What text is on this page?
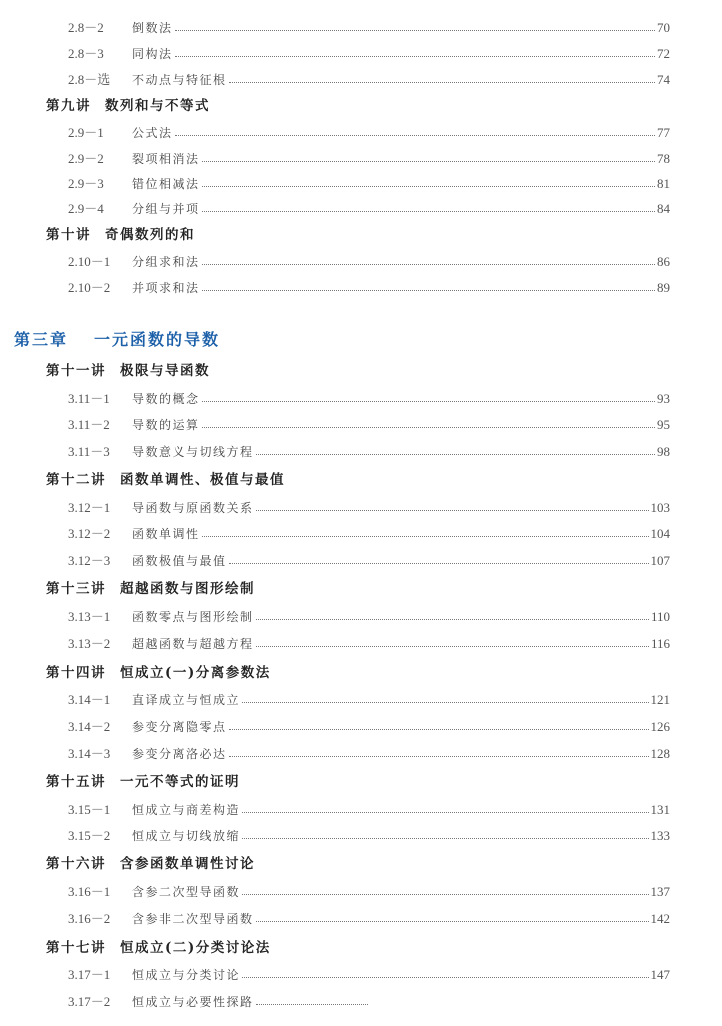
2.8－2	倒数法	70
2.8－3	同构法	72
2.8－选	不动点与特征根	74
第九讲 数列和与不等式
2.9－1	公式法	77
2.9－2	裂项相消法	78
2.9－3	错位相减法	81
2.9－4	分组与并项	84
第十讲 奇偶数列的和
2.10－1	分组求和法	86
2.10－2	并项求和法	89
第三章 一元函数的导数
第十一讲 极限与导函数
3.11－1	导数的概念	93
3.11－2	导数的运算	95
3.11－3	导数意义与切线方程	98
第十二讲 函数单调性、极值与最值
3.12－1	导函数与原函数关系	103
3.12－2	函数单调性	104
3.12－3	函数极值与最值	107
第十三讲 超越函数与图形绘制
3.13－1	函数零点与图形绘制	110
3.13－2	超越函数与超越方程	116
第十四讲 恒成立(一)分离参数法
3.14－1	直译成立与恒成立	121
3.14－2	参变分离隐零点	126
3.14－3	参变分离洛必达	128
第十五讲 一元不等式的证明
3.15－1	恒成立与商差构造	131
3.15－2	恒成立与切线放缩	133
第十六讲 含参函数单调性讨论
3.16－1	含参二次型导函数	137
3.16－2	含参非二次型导函数	142
第十七讲 恒成立(二)分类讨论法
3.17－1	恒成立与分类讨论	147
3.17－2	恒成立与必要性探路
